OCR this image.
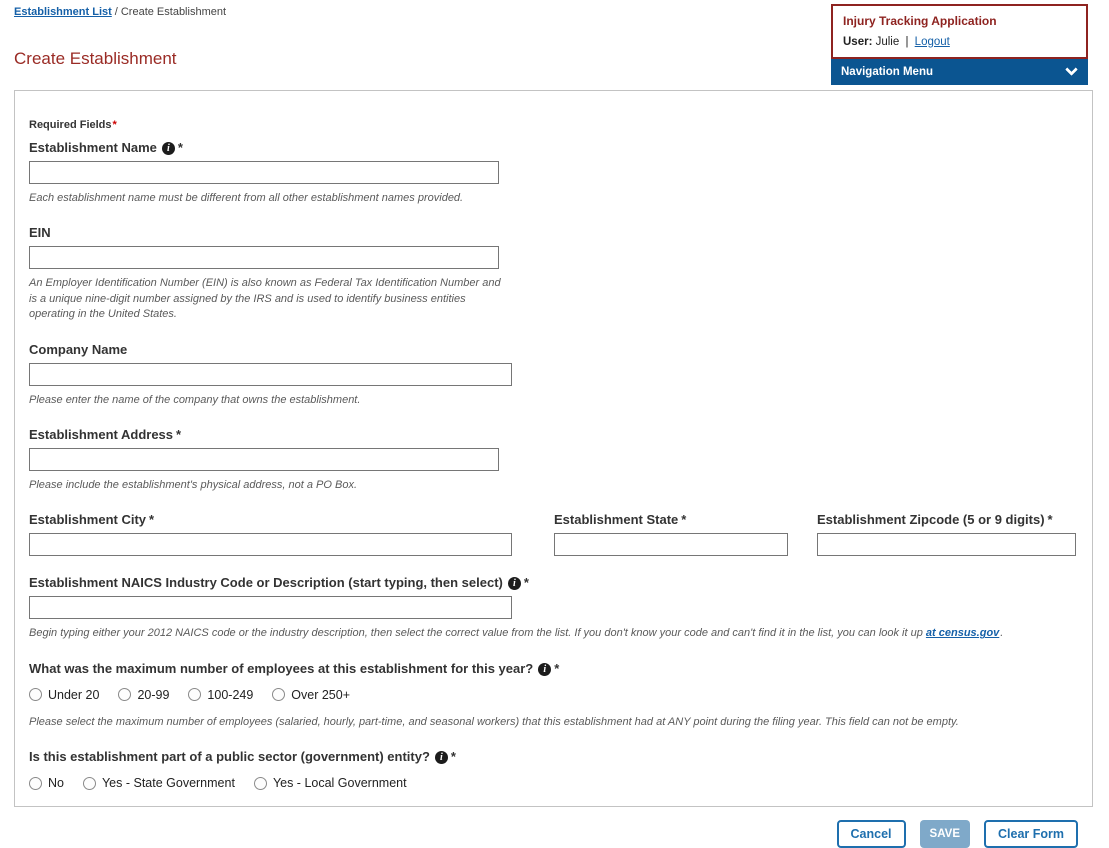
Establishment List / Create Establishment
Injury Tracking Application
User: Julie | Logout
Navigation Menu
Create Establishment
Required Fields*
Establishment Name i *
Each establishment name must be different from all other establishment names provided.
EIN
An Employer Identification Number (EIN) is also known as Federal Tax Identification Number and is a unique nine-digit number assigned by the IRS and is used to identify business entities operating in the United States.
Company Name
Please enter the name of the company that owns the establishment.
Establishment Address *
Please include the establishment's physical address, not a PO Box.
Establishment City *	Establishment State *	Establishment Zipcode (5 or 9 digits) *
Establishment NAICS Industry Code or Description (start typing, then select) i *
Begin typing either your 2012 NAICS code or the industry description, then select the correct value from the list. If you don't know your code and can't find it in the list, you can look it up at census.gov.
What was the maximum number of employees at this establishment for this year? i *
Under 20	20-99	100-249	Over 250+
Please select the maximum number of employees (salaried, hourly, part-time, and seasonal workers) that this establishment had at ANY point during the filing year. This field can not be empty.
Is this establishment part of a public sector (government) entity? i *
No	Yes - State Government	Yes - Local Government
Cancel	SAVE	Clear Form
